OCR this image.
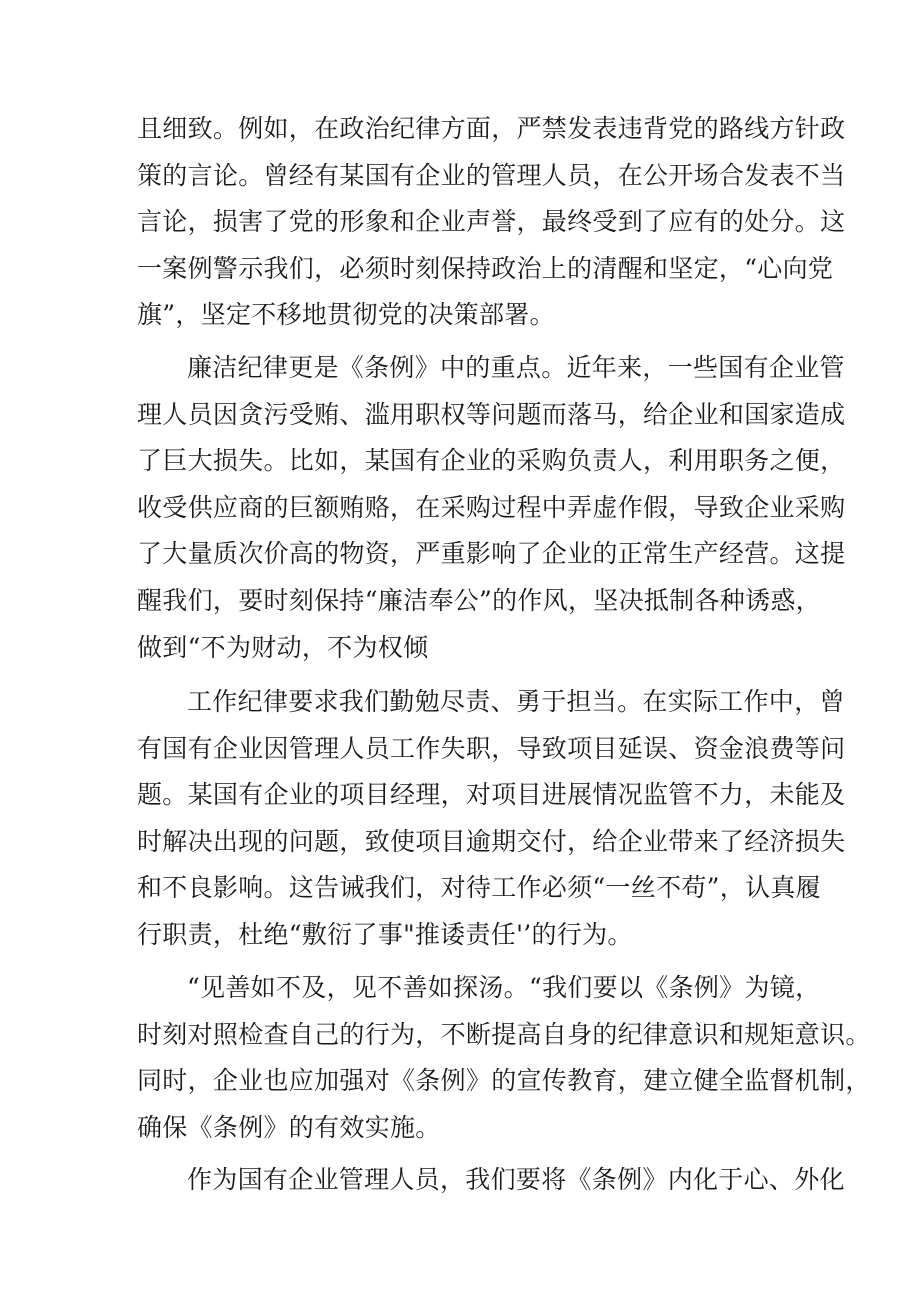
且细致。例如，在政治纪律方面，严禁发表违背党的路线方针政
策的言论。曾经有某国有企业的管理人员，在公开场合发表不当
言论，损害了党的形象和企业声誉，最终受到了应有的处分。这
一案例警示我们，必须时刻保持政治上的清醒和坚定，“心向党
旗”，坚定不移地贯彻党的决策部署。
廉洁纪律更是《条例》中的重点。近年来，一些国有企业管
理人员因贪污受贿、滥用职权等问题而落马，给企业和国家造成
了巨大损失。比如，某国有企业的采购负责人，利用职务之便，
收受供应商的巨额贿赂，在采购过程中弄虚作假，导致企业采购
了大量质次价高的物资，严重影响了企业的正常生产经营。这提
醒我们，要时刻保持“廉洁奉公”的作风，坚决抵制各种诱惑，
做到“不为财动，不为权倾
工作纪律要求我们勤勉尽责、勇于担当。在实际工作中，曾
有国有企业因管理人员工作失职，导致项目延误、资金浪费等问
题。某国有企业的项目经理，对项目进展情况监管不力，未能及
时解决出现的问题，致使项目逾期交付，给企业带来了经济损失
和不良影响。这告诫我们，对待工作必须“一丝不苟”，认真履
行职责，杜绝“敷衍了事"推诿责任'’的行为。
“见善如不及，见不善如探汤。“我们要以《条例》为镜，
时刻对照检查自己的行为，不断提高自身的纪律意识和规矩意识。
同时，企业也应加强对《条例》的宣传教育，建立健全监督机制，
确保《条例》的有效实施。
作为国有企业管理人员，我们要将《条例》内化于心、外化
